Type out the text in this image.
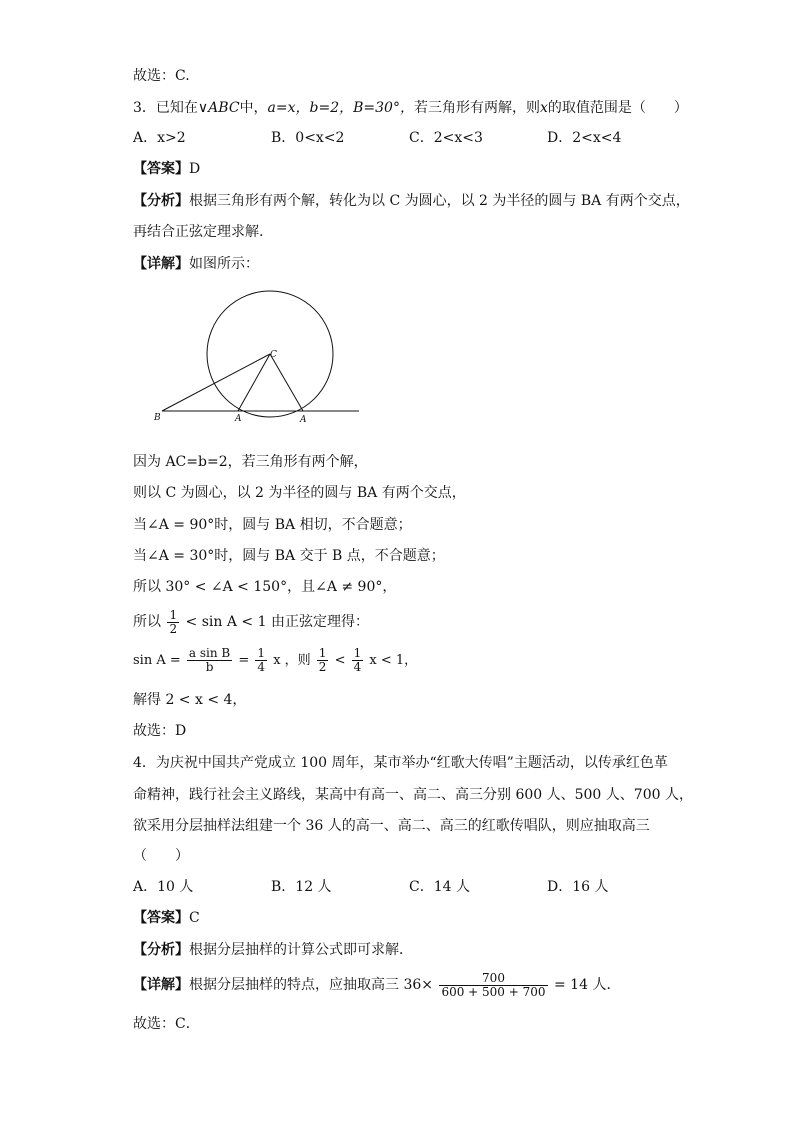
故选：C.
3．已知在∨ABC中，a=x，b=2，B=30°，若三角形有两解，则x的取值范围是（　　）
A．x>2	B．0<x<2	C．2<x<3	D．2<x<4
【答案】D
【分析】根据三角形有两个解，转化为以 C 为圆心，以 2 为半径的圆与 BA 有两个交点，
再结合正弦定理求解.
【详解】如图所示：
B	A	A
C
因为 AC=b=2，若三角形有两个解，
则以 C 为圆心，以 2 为半径的圆与 BA 有两个交点，
当∠A = 90°时，圆与 BA 相切，不合题意；
当∠A = 30°时，圆与 BA 交于 B 点，不合题意；
所以 30° < ∠A < 150°，且∠A ≠ 90°，
所以 $\frac{1}{2} < \sin A < 1$ 由正弦定理得：
$\sin A = \frac{\text{a sin B}}{b} = \frac{1}{4}$ x ，则 $\frac{1}{2} < \frac{1}{4}$ x < 1，
解得 2 < x < 4，
故选：D
4．为庆祝中国共产党成立 100 周年，某市举办“红歌大传唱”主题活动，以传承红色革
命精神，践行社会主义路线，某高中有高一、高二、高三分别 600 人、500 人、700 人，
欲采用分层抽样法组建一个 36 人的高一、高二、高三的红歌传唱队，则应抽取高三
（　　）
A．10 人	B．12 人	C．14 人	D．16 人
【答案】C
【分析】根据分层抽样的计算公式即可求解．
【详解】根据分层抽样的特点，应抽取高三 $36\times \frac{700}{600 + 500 + 700} = 14$ 人．
故选：C．
